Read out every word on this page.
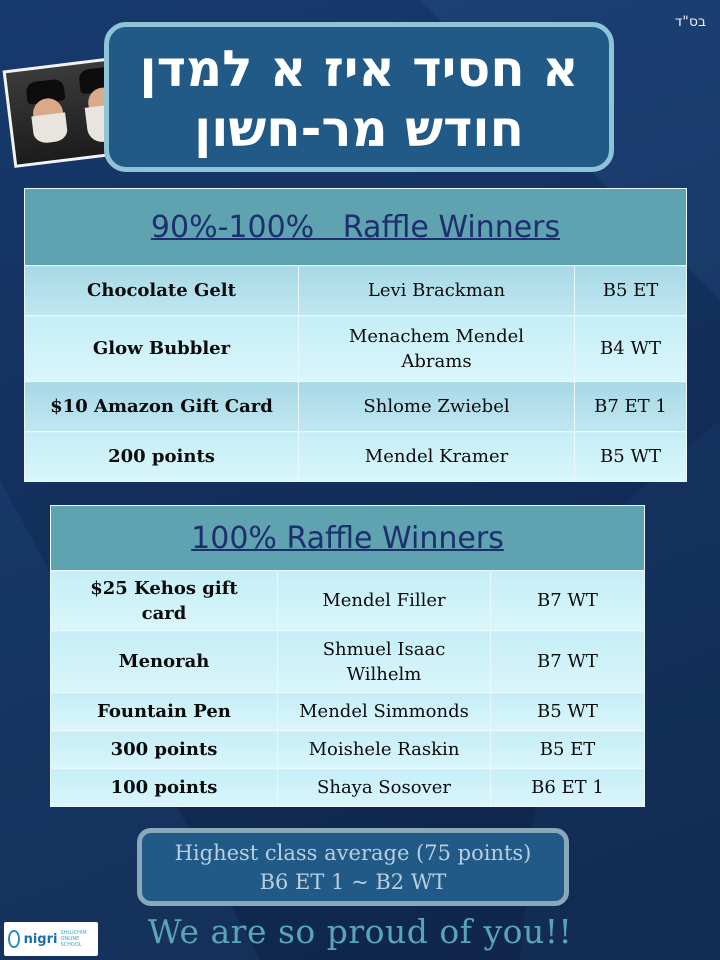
בס"ד
א חסיד איז א למדן
חודש מר-חשון
90%-100%   Raffle Winners		
Chocolate Gelt	Levi Brackman	B5 ET
Glow Bubbler	Menachem Mendel Abrams	B4 WT
$10 Amazon Gift Card	Shlome Zwiebel	B7 ET 1
200 points	Mendel Kramer	B5 WT
100% Raffle Winners		
$25 Kehos gift card	Mendel Filler	B7 WT
Menorah	Shmuel Isaac Wilhelm	B7 WT
Fountain Pen	Mendel Simmonds	B5 WT
300 points	Moishele Raskin	B5 ET
100 points	Shaya Sosover	B6 ET 1
Highest class average (75 points)
B6 ET 1 ~ B2 WT
We are so proud of you!!
nigri SHLUCHIM ONLINE SCHOOL
